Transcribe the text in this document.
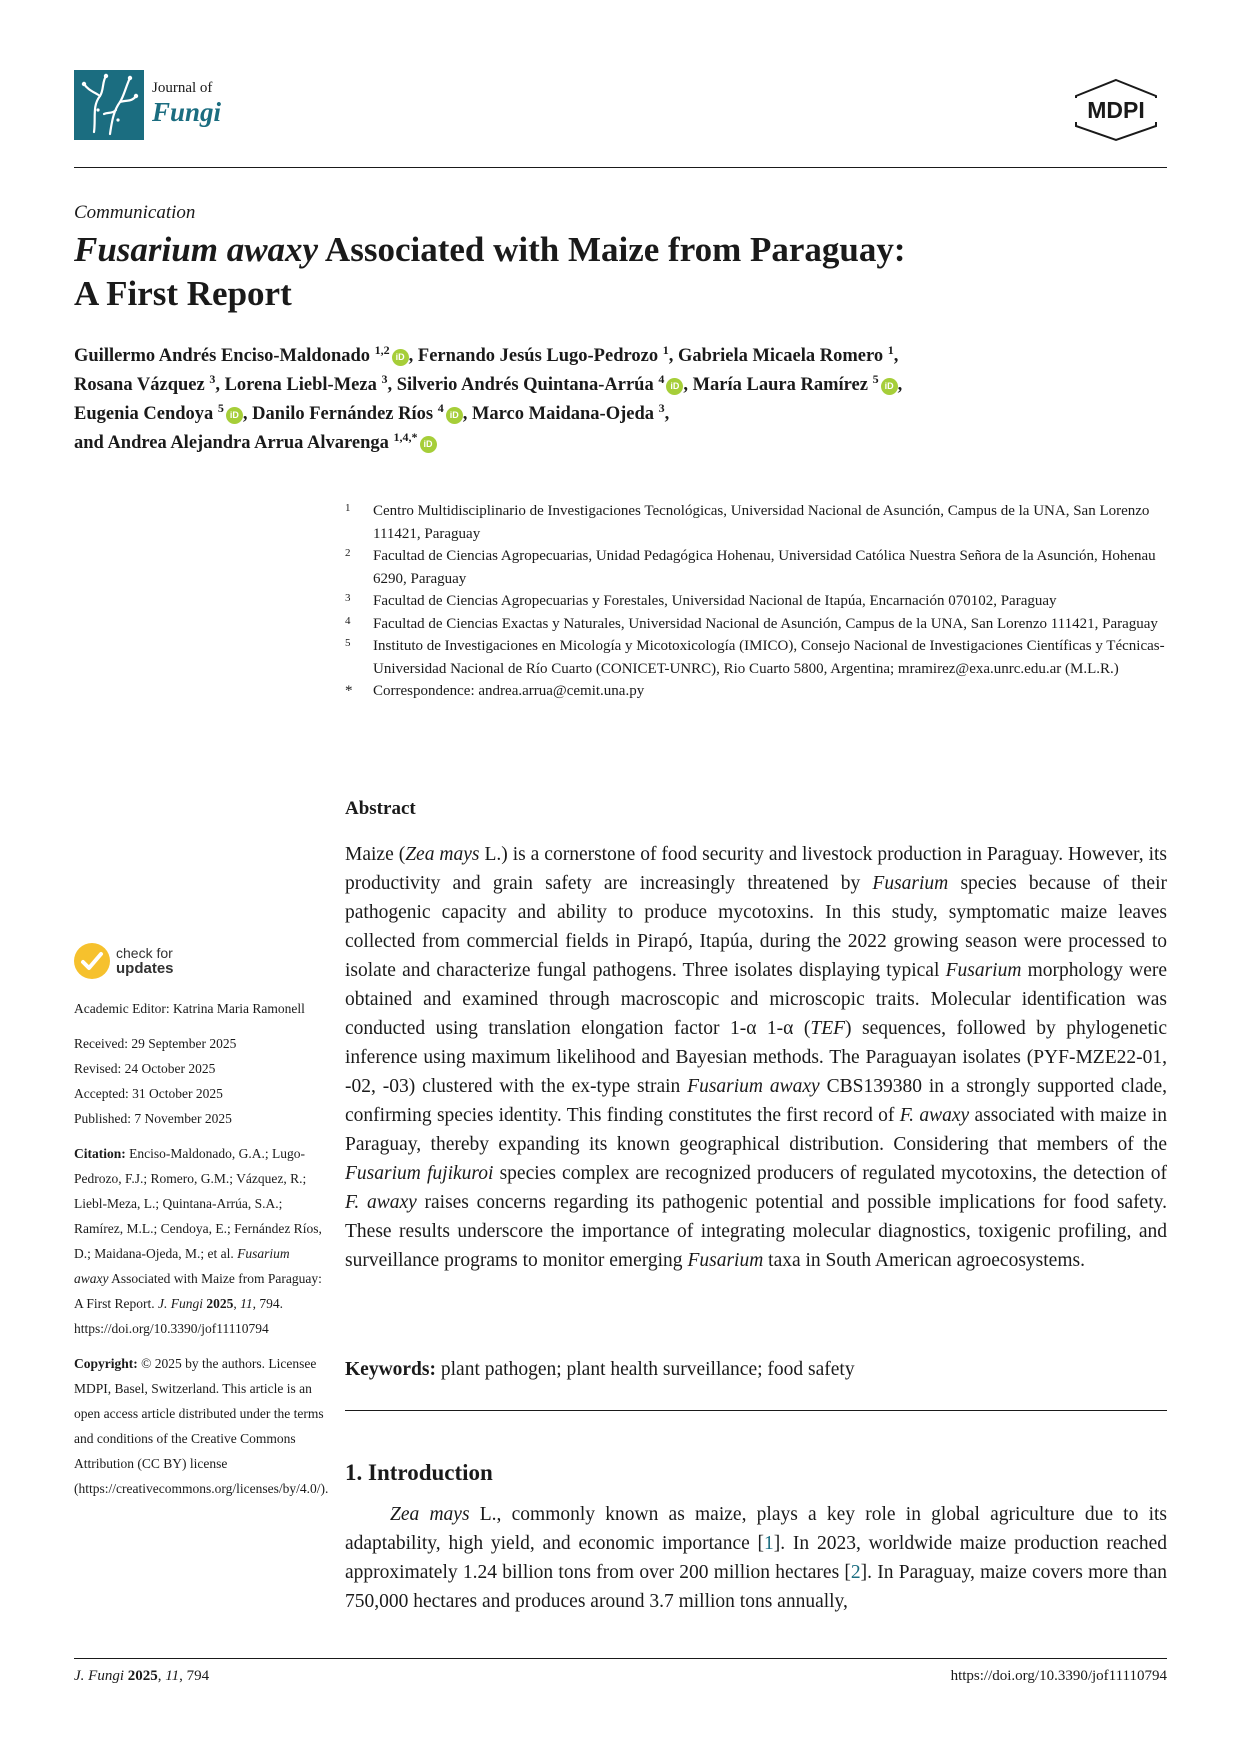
Journal of
Fungi	MDPI
Communication
Fusarium awaxy Associated with Maize from Paraguay:
A First Report
Guillermo Andrés Enciso-Maldonado $^{1,2}$ iD , Fernando Jesús Lugo-Pedrozo $^1$, Gabriela Micaela Romero $^1$,
Rosana Vázquez $^3$, Lorena Liebl-Meza $^3$, Silverio Andrés Quintana-Arrúa $^4$ iD , María Laura Ramírez $^5$ iD ,
Eugenia Cendoya $^5$ iD , Danilo Fernández Ríos $^4$ iD , Marco Maidana-Ojeda $^3$,
and Andrea Alejandra Arrua Alvarenga $^{1,4,*}$ iD
1 Centro Multidisciplinario de Investigaciones Tecnológicas, Universidad Nacional de Asunción, Campus de la UNA, San Lorenzo 111421, Paraguay
2 Facultad de Ciencias Agropecuarias, Unidad Pedagógica Hohenau, Universidad Católica Nuestra Señora de la Asunción, Hohenau 6290, Paraguay
3 Facultad de Ciencias Agropecuarias y Forestales, Universidad Nacional de Itapúa, Encarnación 070102, Paraguay
4 Facultad de Ciencias Exactas y Naturales, Universidad Nacional de Asunción, Campus de la UNA, San Lorenzo 111421, Paraguay
5 Instituto de Investigaciones en Micología y Micotoxicología (IMICO), Consejo Nacional de Investigaciones Científicas y Técnicas-Universidad Nacional de Río Cuarto (CONICET-UNRC), Rio Cuarto 5800, Argentina; mramirez@exa.unrc.edu.ar (M.L.R.)
* Correspondence: andrea.arrua@cemit.una.py
Abstract
Maize (Zea mays L.) is a cornerstone of food security and livestock production in Paraguay. However, its productivity and grain safety are increasingly threatened by Fusarium species because of their pathogenic capacity and ability to produce mycotoxins. In this study, symptomatic maize leaves collected from commercial fields in Pirapó, Itapúa, during the 2022 growing season were processed to isolate and characterize fungal pathogens. Three isolates displaying typical Fusarium morphology were obtained and examined through macroscopic and microscopic traits. Molecular identification was conducted using translation elongation factor 1-α 1-α (TEF) sequences, followed by phylogenetic inference using maximum likelihood and Bayesian methods. The Paraguayan isolates (PYF-MZE22-01, -02, -03) clustered with the ex-type strain Fusarium awaxy CBS139380 in a strongly supported clade, confirming species identity. This finding constitutes the first record of F. awaxy associated with maize in Paraguay, thereby expanding its known geographical distribution. Considering that members of the Fusarium fujikuroi species complex are recognized producers of regulated mycotoxins, the detection of F. awaxy raises concerns regarding its pathogenic potential and possible implications for food safety. These results underscore the importance of integrating molecular diagnostics, toxigenic profiling, and surveillance programs to monitor emerging Fusarium taxa in South American agroecosystems.
Keywords: plant pathogen; plant health surveillance; food safety
1. Introduction
Zea mays L., commonly known as maize, plays a key role in global agriculture due to its adaptability, high yield, and economic importance [1]. In 2023, worldwide maize production reached approximately 1.24 billion tons from over 200 million hectares [2]. In Paraguay, maize covers more than 750,000 hectares and produces around 3.7 million tons annually,
check for
updates

Academic Editor: Katrina Maria Ramonell

Received: 29 September 2025

Revised: 24 October 2025

Accepted: 31 October 2025

Published: 7 November 2025

Citation: Enciso-Maldonado, G.A.; Lugo-Pedrozo, F.J.; Romero, G.M.; Vázquez, R.; Liebl-Meza, L.; Quintana-Arrúa, S.A.; Ramírez, M.L.; Cendoya, E.; Fernández Ríos, D.; Maidana-Ojeda, M.; et al. Fusarium awaxy Associated with Maize from Paraguay: A First Report. J. Fungi 2025, 11, 794. https://doi.org/10.3390/jof11110794

Copyright: © 2025 by the authors. Licensee MDPI, Basel, Switzerland. This article is an open access article distributed under the terms and conditions of the Creative Commons Attribution (CC BY) license (https://creativecommons.org/licenses/by/4.0/).

J. Fungi 2025, 11, 794	https://doi.org/10.3390/jof11110794
